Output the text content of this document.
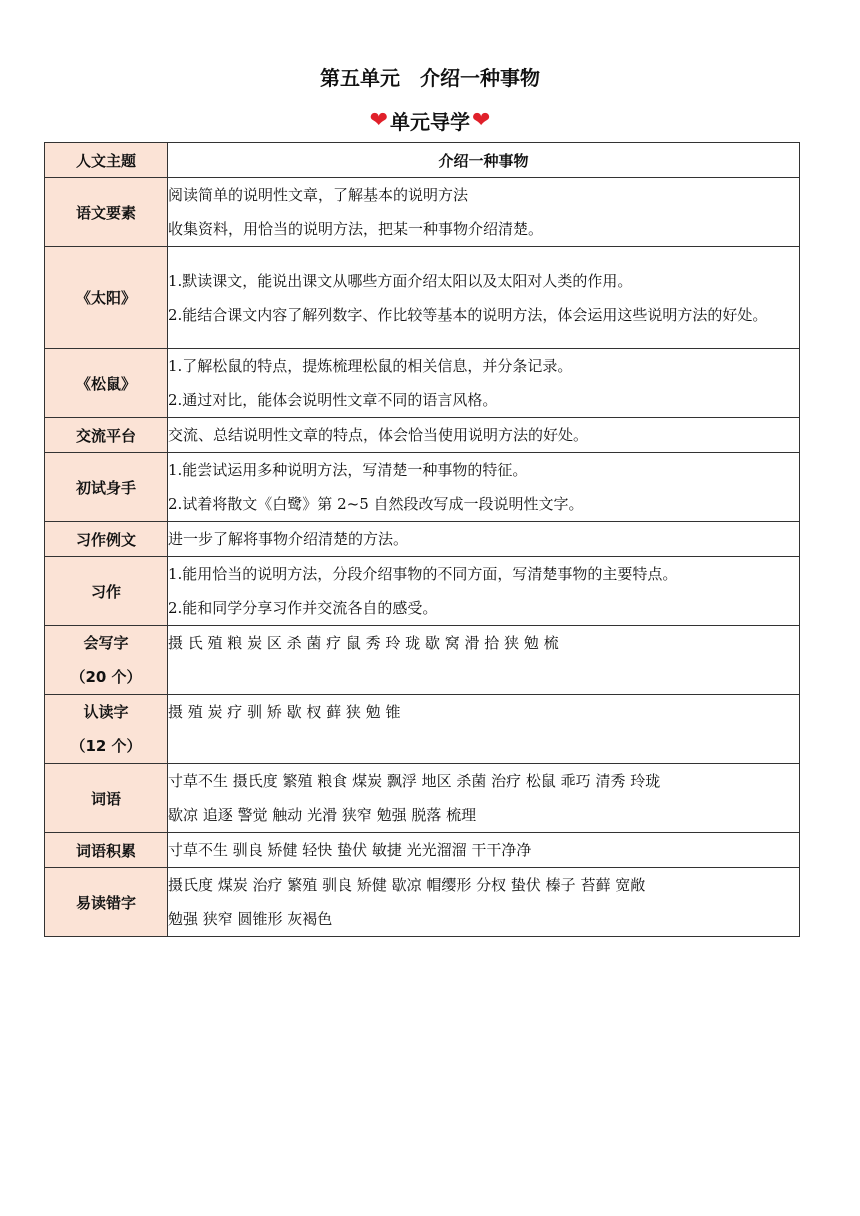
第五单元　介绍一种事物
❤ 单元导学 ❤
人文主题	介绍一种事物
语文要素	阅读简单的说明性文章，了解基本的说明方法
收集资料，用恰当的说明方法，把某一种事物介绍清楚。

《太阳》	1.默读课文，能说出课文从哪些方面介绍太阳以及太阳对人类的作用。
2.能结合课文内容了解列数字、作比较等基本的说明方法，体会运用这些说明方法的好处。

《松鼠》	1.了解松鼠的特点，提炼梳理松鼠的相关信息，并分条记录。
2.通过对比，能体会说明性文章不同的语言风格。

交流平台	交流、总结说明性文章的特点，体会恰当使用说明方法的好处。

初试身手	1.能尝试运用多种说明方法，写清楚一种事物的特征。
2.试着将散文《白鹭》第 2~5 自然段改写成一段说明性文字。

习作例文	进一步了解将事物介绍清楚的方法。

习作	1.能用恰当的说明方法，分段介绍事物的不同方面，写清楚事物的主要特点。
2.能和同学分享习作并交流各自的感受。

会写字
（20 个）	摄 氏 殖 粮 炭 区 杀 菌 疗 鼠 秀 玲 珑 歇 窝 滑 拾 狭 勉 梳

认读字
（12 个）	摄 殖 炭 疗 驯 矫 歇 杈 藓 狭 勉 锥

词语	寸草不生 摄氏度 繁殖 粮食 煤炭 飘浮 地区 杀菌 治疗 松鼠 乖巧 清秀 玲珑
歇凉 追逐 警觉 触动 光滑 狭窄 勉强 脱落 梳理

词语积累	寸草不生 驯良 矫健 轻快 蛰伏 敏捷 光光溜溜 干干净净

易读错字	摄氏度 煤炭 治疗 繁殖 驯良 矫健 歇凉 帽缨形 分杈 蛰伏 榛子 苔藓 宽敞
勉强 狭窄 圆锥形 灰褐色
